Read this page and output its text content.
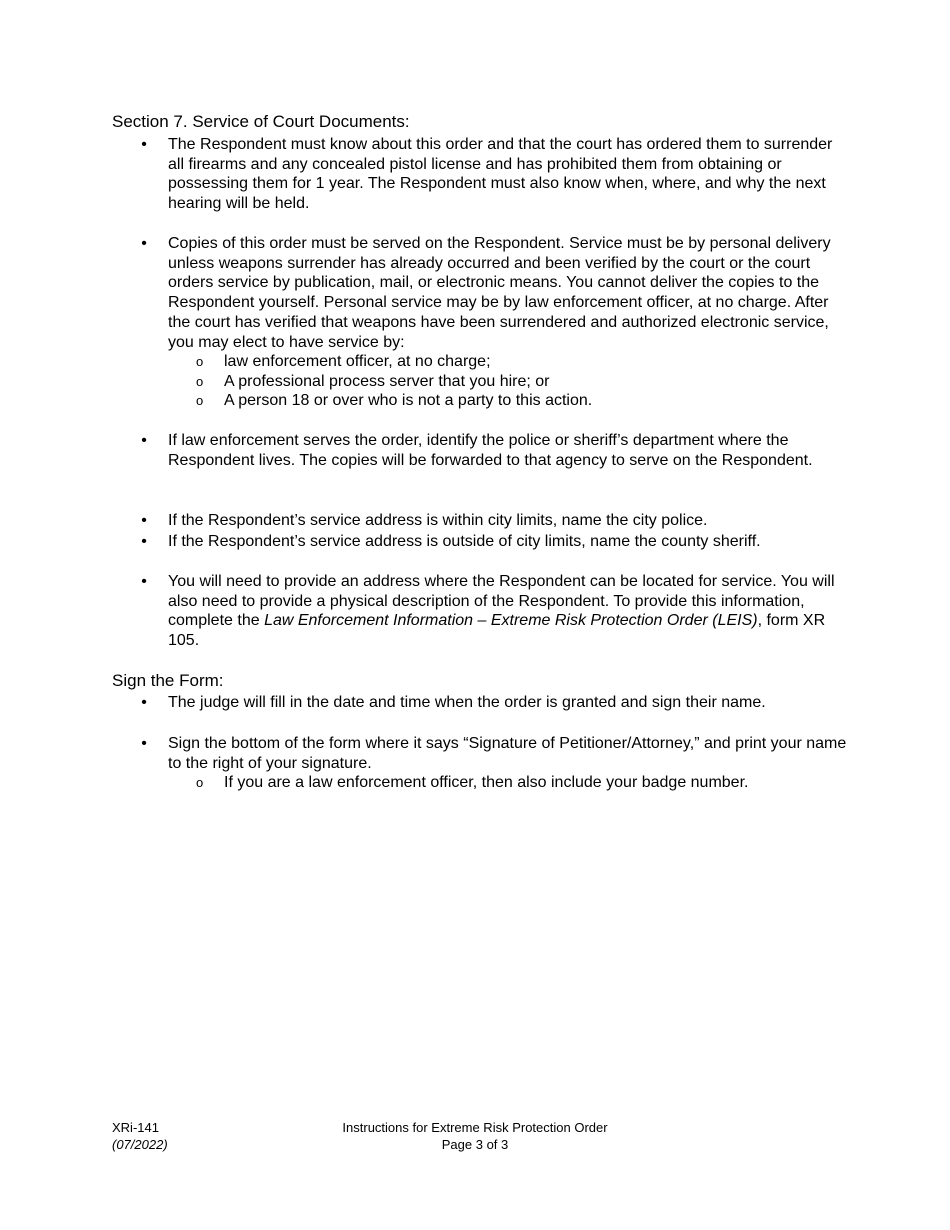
Section 7. Service of Court Documents:
• The Respondent must know about this order and that the court has ordered them to surrender all firearms and any concealed pistol license and has prohibited them from obtaining or possessing them for 1 year. The Respondent must also know when, where, and why the next hearing will be held.
• Copies of this order must be served on the Respondent. Service must be by personal delivery unless weapons surrender has already occurred and been verified by the court or the court orders service by publication, mail, or electronic means. You cannot deliver the copies to the Respondent yourself. Personal service may be by law enforcement officer, at no charge. After the court has verified that weapons have been surrendered and authorized electronic service, you may elect to have service by:
o law enforcement officer, at no charge;
o A professional process server that you hire; or
o A person 18 or over who is not a party to this action.
• If law enforcement serves the order, identify the police or sheriff’s department where the Respondent lives. The copies will be forwarded to that agency to serve on the Respondent.
• If the Respondent’s service address is within city limits, name the city police.
• If the Respondent’s service address is outside of city limits, name the county sheriff.
• You will need to provide an address where the Respondent can be located for service. You will also need to provide a physical description of the Respondent. To provide this information, complete the Law Enforcement Information – Extreme Risk Protection Order (LEIS), form XR 105.
Sign the Form:
• The judge will fill in the date and time when the order is granted and sign their name.
• Sign the bottom of the form where it says “Signature of Petitioner/Attorney,” and print your name to the right of your signature.
o If you are a law enforcement officer, then also include your badge number.
XRi-141
(07/2022)
Instructions for Extreme Risk Protection Order
Page 3 of 3
